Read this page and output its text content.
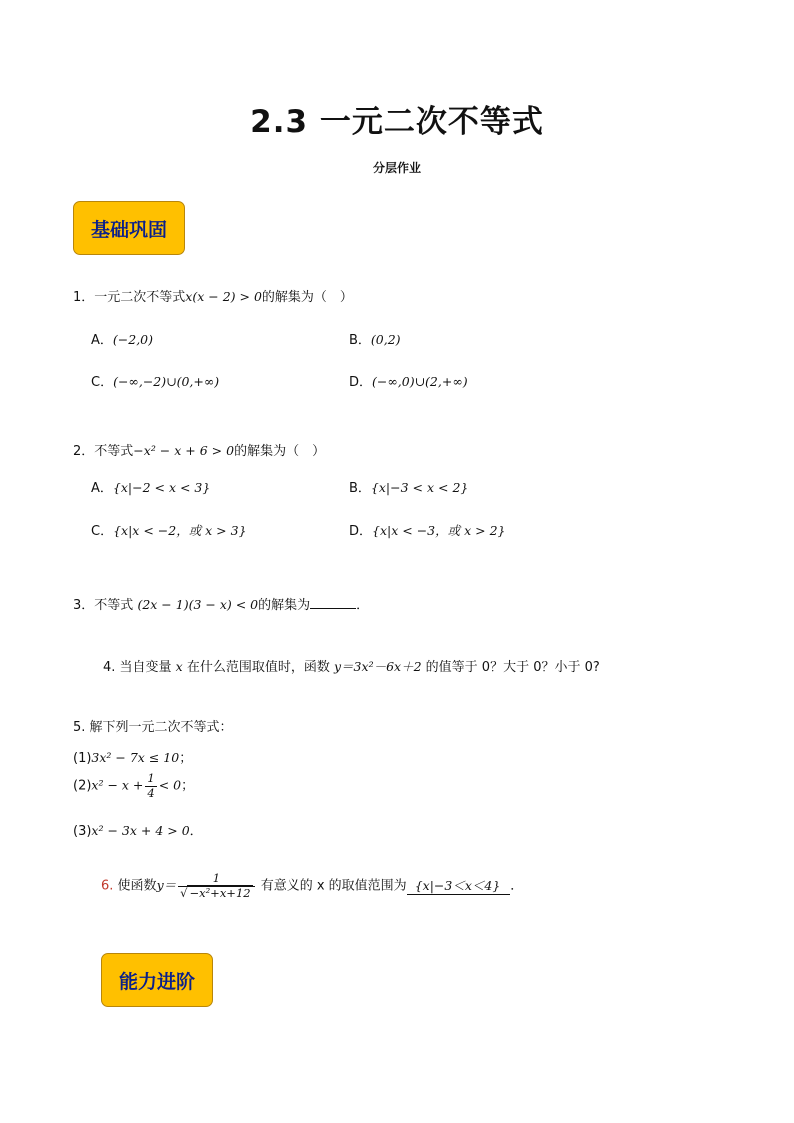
2.3 一元二次不等式
分层作业
基础巩固
1．一元二次不等式x(x − 2) > 0的解集为（　）
A．(−2,0)	B．(0,2)
C．(−∞,−2)∪(0,+∞)	D．(−∞,0)∪(2,+∞)
2．不等式−x² − x + 6 > 0的解集为（　）
A．{x|−2 < x < 3}	B．{x|−3 < x < 2}
C．{x|x < −2，或 x > 3}	D．{x|x < −3，或 x > 2}
3．不等式 (2x − 1)(3 − x) < 0的解集为	．
4. 当自变量 x 在什么范围取值时，函数 y＝3x²－6x＋2 的值等于 0？大于 0？小于 0?
5. 解下列一元二次不等式：
(1)3x² − 7x ≤ 10；
$(2)x^2 - x + \frac{1}{4} < 0$；
(3)x² − 3x + 4 > 0．
6. 使函数$y= \frac{1}{\text{√ −x²+x+12}}$ 有意义的 x 的取值范围为 {x|−3＜x＜4} ．
能力进阶
